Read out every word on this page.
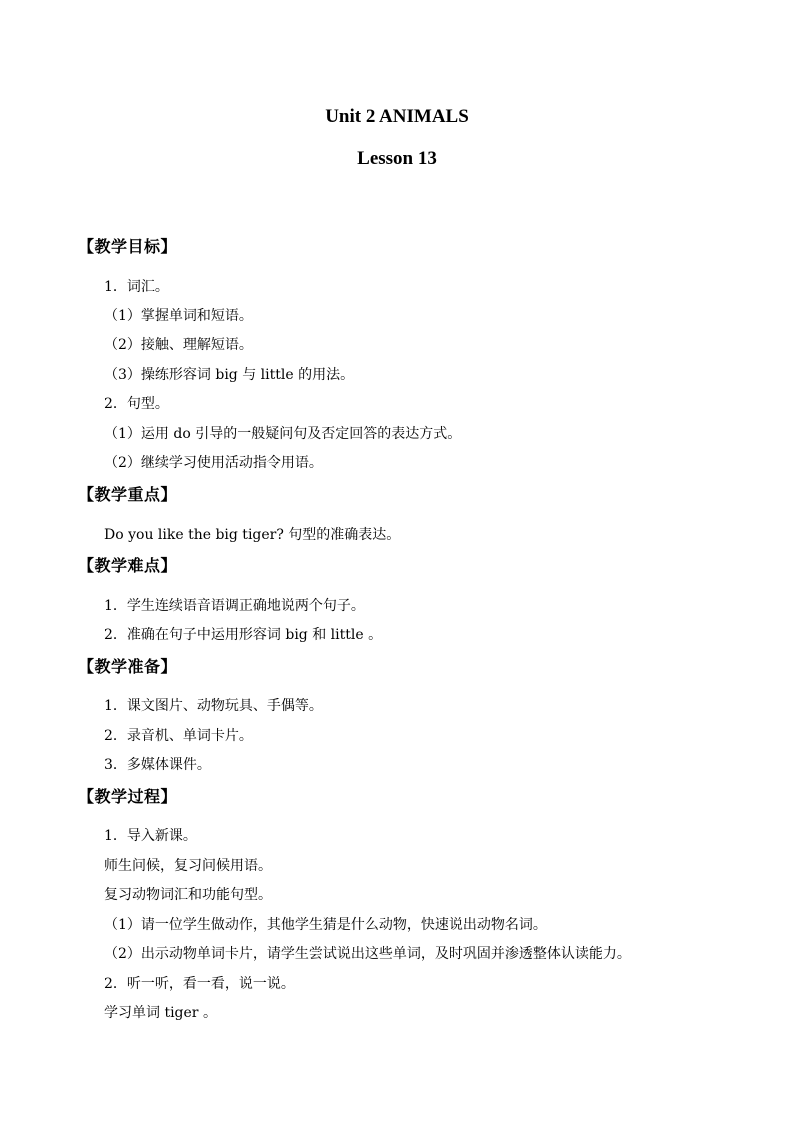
Unit 2 ANIMALS
Lesson 13
【教学目标】
1．词汇。
（1）掌握单词和短语。
（2）接触、理解短语。
（3）操练形容词 big 与 little 的用法。
2．句型。
（1）运用 do 引导的一般疑问句及否定回答的表达方式。
（2）继续学习使用活动指令用语。
【教学重点】
Do you like the big tiger? 句型的准确表达。
【教学难点】
1．学生连续语音语调正确地说两个句子。
2．准确在句子中运用形容词 big 和 little 。
【教学准备】
1．课文图片、动物玩具、手偶等。
2．录音机、单词卡片。
3．多媒体课件。
【教学过程】
1．导入新课。
师生问候，复习问候用语。
复习动物词汇和功能句型。
（1）请一位学生做动作，其他学生猜是什么动物，快速说出动物名词。
（2）出示动物单词卡片，请学生尝试说出这些单词，及时巩固并渗透整体认读能力。
2．听一听，看一看，说一说。
学习单词 tiger 。
